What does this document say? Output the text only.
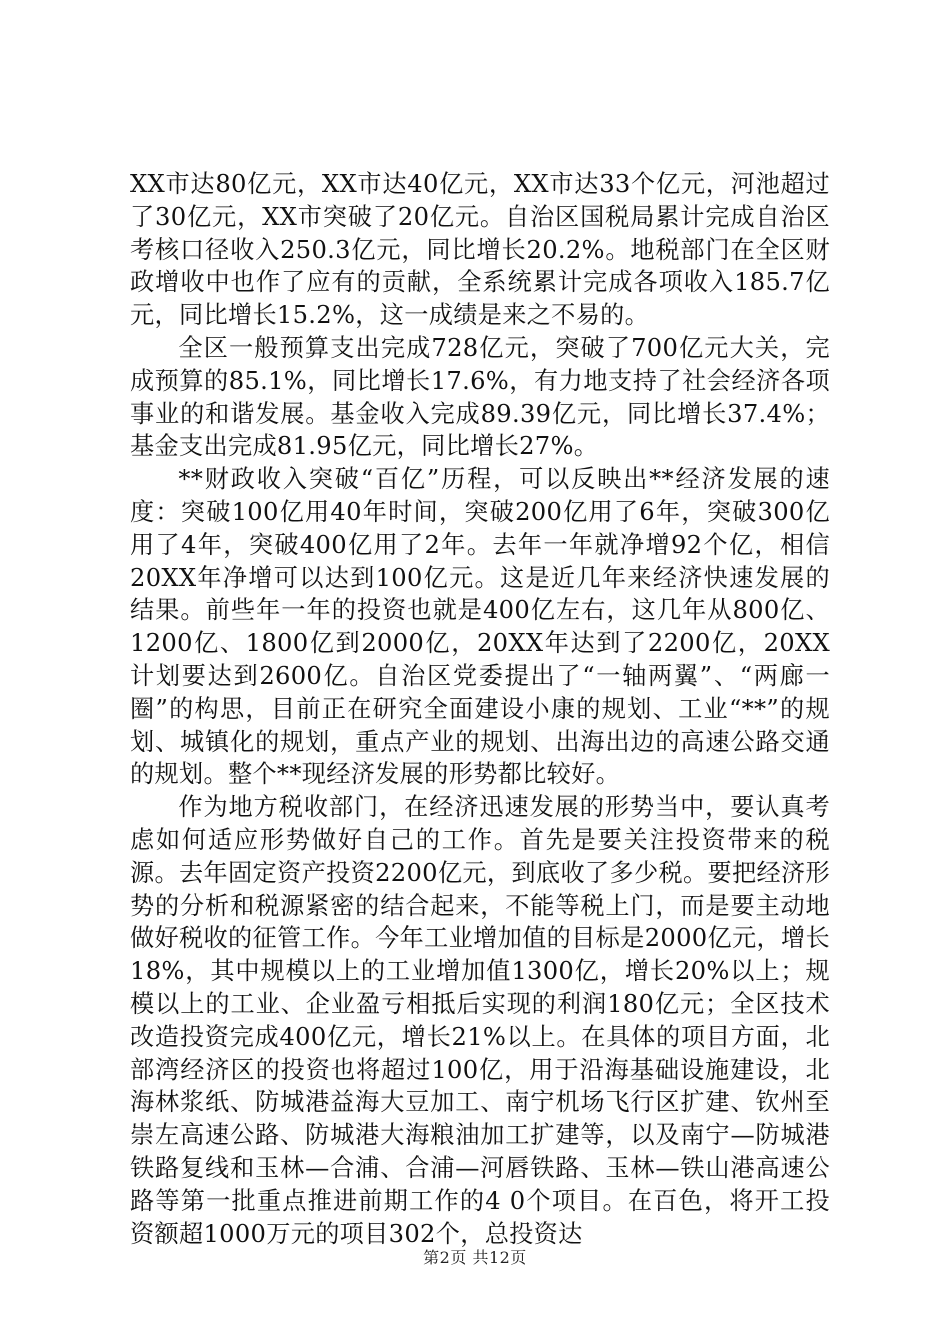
XX市达80亿元，XX市达40亿元，XX市达33个亿元，河池超过了30亿元，XX市突破了20亿元。自治区国税局累计完成自治区考核口径收入250.3亿元，同比增长20.2%。地税部门在全区财政增收中也作了应有的贡献，全系统累计完成各项收入185.7亿元，同比增长15.2%，这一成绩是来之不易的。

全区一般预算支出完成728亿元，突破了700亿元大关，完成预算的85.1%，同比增长17.6%，有力地支持了社会经济各项事业的和谐发展。基金收入完成89.39亿元，同比增长37.4%；基金支出完成81.95亿元，同比增长27%。

**财政收入突破“百亿”历程，可以反映出**经济发展的速度：突破100亿用40年时间，突破200亿用了6年，突破300亿用了4年，突破400亿用了2年。去年一年就净增92个亿，相信20XX年净增可以达到100亿元。这是近几年来经济快速发展的结果。前些年一年的投资也就是400亿左右，这几年从800亿、1200亿、1800亿到2000亿，20XX年达到了2200亿，20XX计划要达到2600亿。自治区党委提出了“一轴两翼”、“两廊一圈”的构思，目前正在研究全面建设小康的规划、工业“**”的规划、城镇化的规划，重点产业的规划、出海出边的高速公路交通的规划。整个**现经济发展的形势都比较好。

作为地方税收部门，在经济迅速发展的形势当中，要认真考虑如何适应形势做好自己的工作。首先是要关注投资带来的税源。去年固定资产投资2200亿元，到底收了多少税。要把经济形势的分析和税源紧密的结合起来，不能等税上门，而是要主动地做好税收的征管工作。今年工业增加值的目标是2000亿元，增长18%，其中规模以上的工业增加值1300亿，增长20%以上；规模以上的工业、企业盈亏相抵后实现的利润180亿元；全区技术改造投资完成400亿元，增长21%以上。在具体的项目方面，北部湾经济区的投资也将超过100亿，用于沿海基础设施建设，北海林浆纸、防城港益海大豆加工、南宁机场飞行区扩建、钦州至崇左高速公路、防城港大海粮油加工扩建等，以及南宁—防城港铁路复线和玉林—合浦、合浦—河唇铁路、玉林—铁山港高速公路等第一批重点推进前期工作的4 0个项目。在百色，将开工投资额超1000万元的项目302个，总投资达

第2页 共12页
